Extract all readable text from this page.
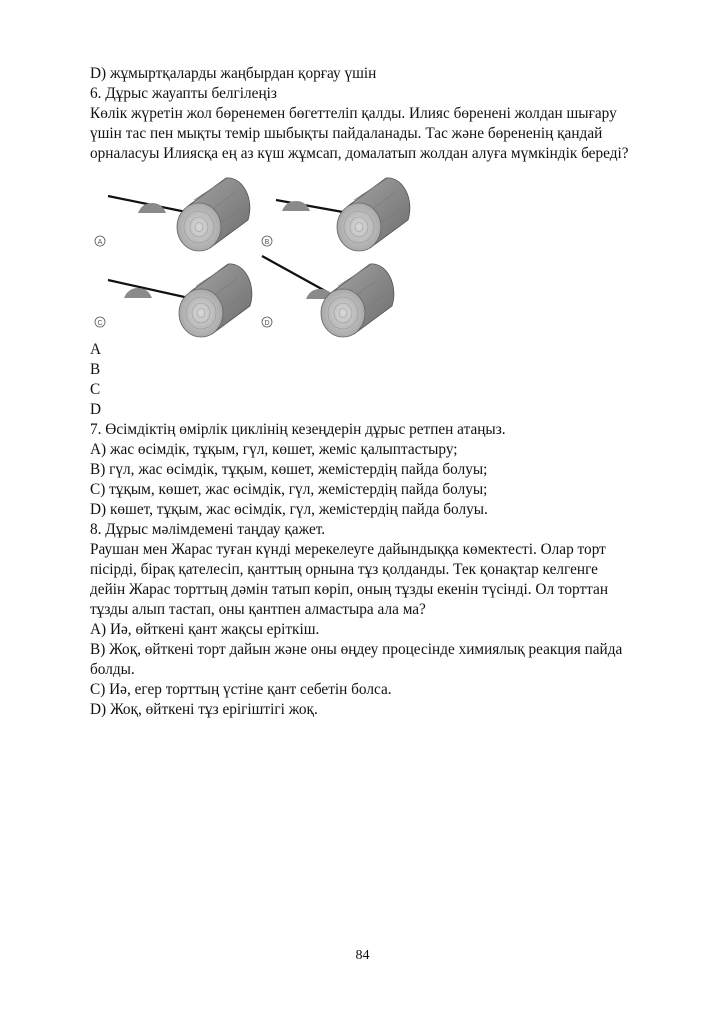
D) жұмыртқаларды жаңбырдан қорғау үшін

6. Дұрыс жауапты белгілеңіз

Көлік жүретін жол бөренемен бөгеттеліп қалды. Илияс бөренені жолдан шығару

үшін тас пен мықты темір шыбықты пайдаланады. Тас және бөрененің қандай

орналасуы Илиясқа ең аз күш жұмсап, домалатып жолдан алуға мүмкіндік береді?

A	B
C	D

A

B

C

D

7. Өсімдіктің өмірлік циклінің кезеңдерін дұрыс ретпен атаңыз.

A) жас өсімдік, тұқым, гүл, көшет, жеміс қалыптастыру;

B) гүл, жас өсімдік, тұқым, көшет, жемістердің пайда болуы;

C) тұқым, көшет, жас өсімдік, гүл, жемістердің пайда болуы;

D) көшет, тұқым, жас өсімдік, гүл, жемістердің пайда болуы.

8. Дұрыс мәлімдемені таңдау қажет.

Раушан мен Жарас туған күнді мерекелеуге дайындыққа көмектесті. Олар торт

пісірді, бірақ қателесіп, қанттың орнына тұз қолданды. Тек қонақтар келгенге

дейін Жарас торттың дәмін татып көріп, оның тұзды екенін түсінді. Ол торттан

тұзды алып тастап, оны қантпен алмастыра ала ма?

A) Иә, өйткені қант жақсы еріткіш.

B) Жоқ, өйткені торт дайын және оны өңдеу процесінде химиялық реакция пайда

болды.

C) Иә, егер торттың үстіне қант себетін болса.

D) Жоқ, өйткені тұз ерігіштігі жоқ.

84
